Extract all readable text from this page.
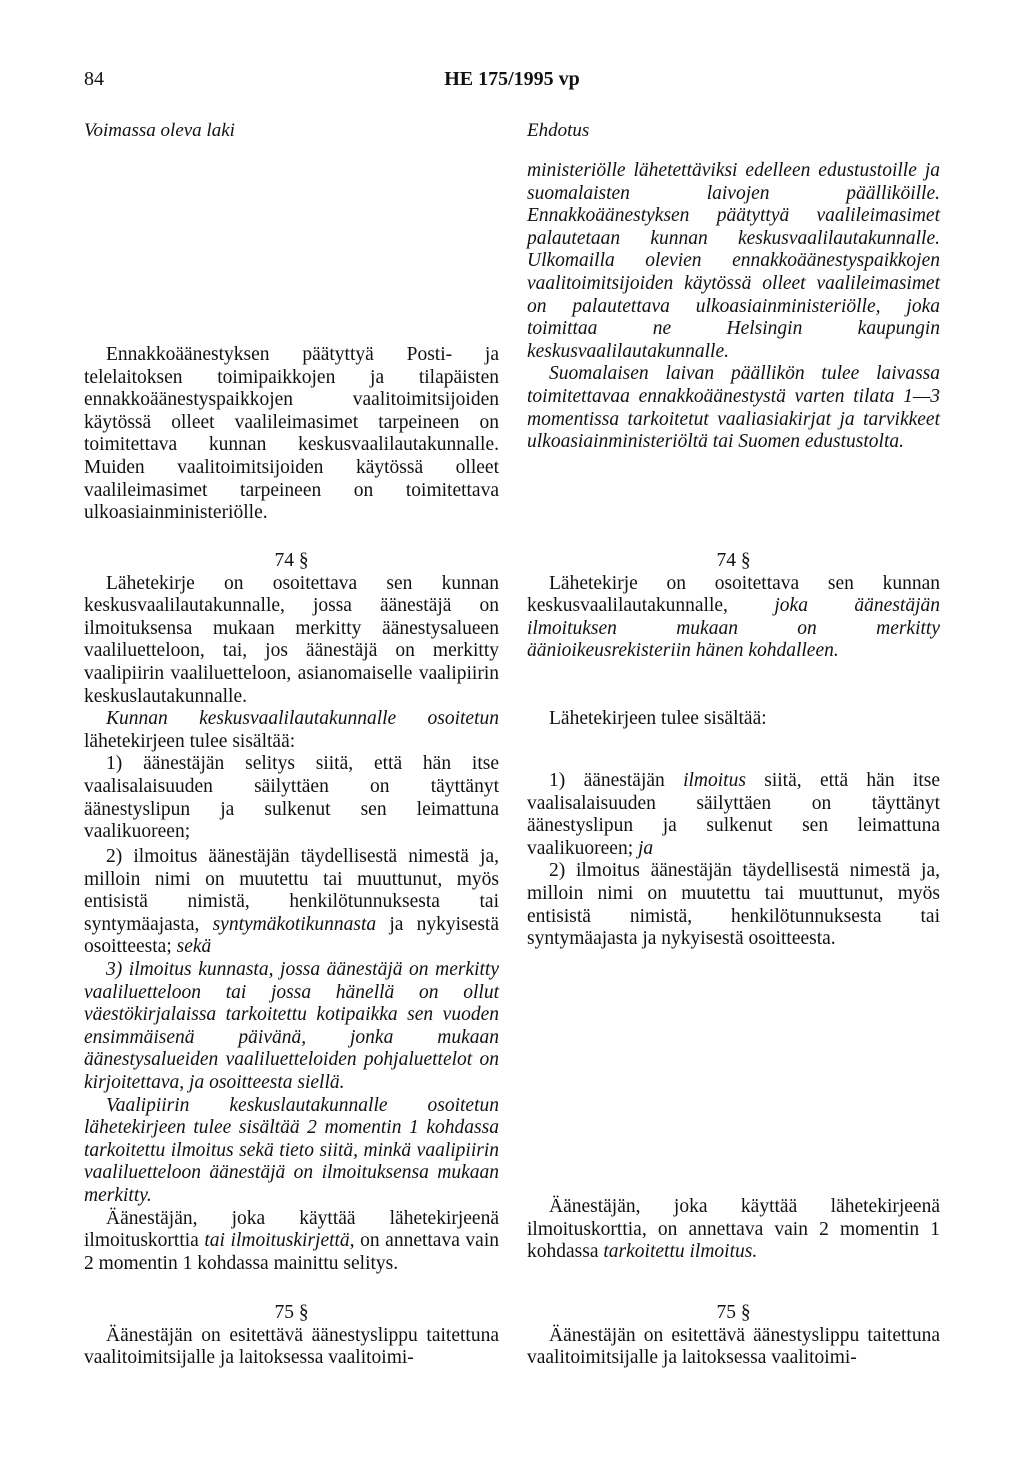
84	HE 175/1995 vp
Voimassa oleva laki	Ehdotus

Ennakkoäänestyksen päätyttyä Posti- ja telelaitoksen toimipaikkojen ja tilapäisten ennakkoäänestyspaikkojen vaalitoimitsijoiden käytössä olleet vaalileimasimet tarpeineen on toimitettava kunnan keskusvaalilautakunnalle. Muiden vaalitoimitsijoiden käytössä olleet vaalileimasimet tarpeineen on toimitettava ulkoasiainministeriölle.

74 §

Lähetekirje on osoitettava sen kunnan keskusvaalilautakunnalle, jossa äänestäjä on ilmoituksensa mukaan merkitty äänestysalueen vaaliluetteloon, tai, jos äänestäjä on merkitty vaalipiirin vaaliluetteloon, asianomaiselle vaalipiirin keskuslautakunnalle.

Kunnan keskusvaalilautakunnalle osoitetun lähetekirjeen tulee sisältää:

1) äänestäjän selitys siitä, että hän itse vaalisalaisuuden säilyttäen on täyttänyt äänestyslipun ja sulkenut sen leimattuna vaalikuoreen;

2) ilmoitus äänestäjän täydellisestä nimestä ja, milloin nimi on muutettu tai muuttunut, myös entisistä nimistä, henkilötunnuksesta tai syntymäajasta, syntymäkotikunnasta ja nykyisestä osoitteesta; sekä

3) ilmoitus kunnasta, jossa äänestäjä on merkitty vaaliluetteloon tai jossa hänellä on ollut väestökirjalaissa tarkoitettu kotipaikka sen vuoden ensimmäisenä päivänä, jonka mukaan äänestysalueiden vaaliluetteloiden pohjaluettelot on kirjoitettava, ja osoitteesta siellä.

Vaalipiirin keskuslautakunnalle osoitetun lähetekirjeen tulee sisältää 2 momentin 1 kohdassa tarkoitettu ilmoitus sekä tieto siitä, minkä vaalipiirin vaaliluetteloon äänestäjä on ilmoituksensa mukaan merkitty.

Äänestäjän, joka käyttää lähetekirjeenä ilmoituskorttia tai ilmoituskirjettä, on annettava vain 2 momentin 1 kohdassa mainittu selitys.

75 §

Äänestäjän on esitettävä äänestyslippu taitettuna vaalitoimitsijalle ja laitoksessa vaalitoimi-

ministeriölle lähetettäviksi edelleen edustustoille ja suomalaisten laivojen päälliköille. Ennakkoäänestyksen päätyttyä vaalileimasimet palautetaan kunnan keskusvaalilautakunnalle. Ulkomailla olevien ennakkoäänestyspaikkojen vaalitoimitsijoiden käytössä olleet vaalileimasimet on palautettava ulkoasiainministeriölle, joka toimittaa ne Helsingin kaupungin keskusvaalilautakunnalle.

Suomalaisen laivan päällikön tulee laivassa toimitettavaa ennakkoäänestystä varten tilata 1—3 momentissa tarkoitetut vaaliasiakirjat ja tarvikkeet ulkoasiainministeriöltä tai Suomen edustustolta.

74 §

Lähetekirje on osoitettava sen kunnan keskusvaalilautakunnalle, joka äänestäjän ilmoituksen mukaan on merkitty äänioikeusrekisteriin hänen kohdalleen.

Lähetekirjeen tulee sisältää:

1) äänestäjän ilmoitus siitä, että hän itse vaalisalaisuuden säilyttäen on täyttänyt äänestyslipun ja sulkenut sen leimattuna vaalikuoreen; ja

2) ilmoitus äänestäjän täydellisestä nimestä ja, milloin nimi on muutettu tai muuttunut, myös entisistä nimistä, henkilötunnuksesta tai syntymäajasta ja nykyisestä osoitteesta.

Äänestäjän, joka käyttää lähetekirjeenä ilmoituskorttia, on annettava vain 2 momentin 1 kohdassa tarkoitettu ilmoitus.

75 §

Äänestäjän on esitettävä äänestyslippu taitettuna vaalitoimitsijalle ja laitoksessa vaalitoimi-
